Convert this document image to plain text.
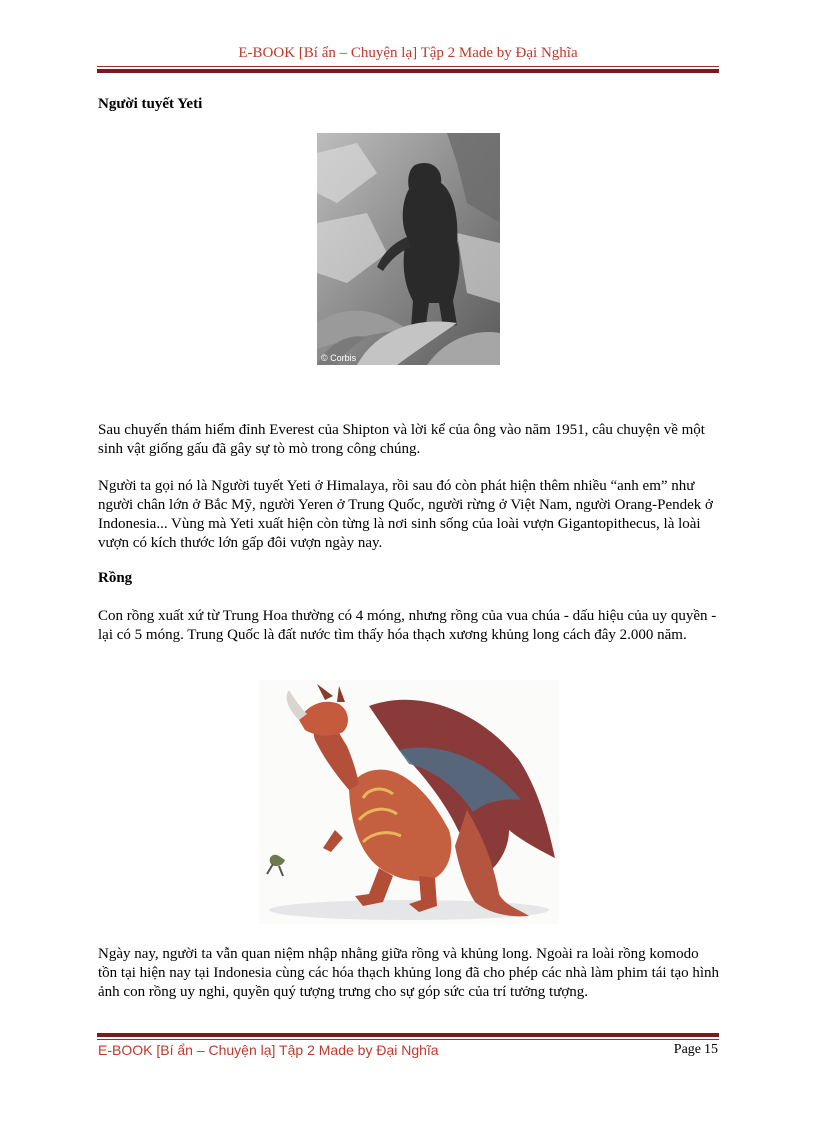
E-BOOK [Bí ẩn – Chuyện lạ] Tập 2 Made by Đại Nghĩa
Người tuyết Yeti
© Corbis
Sau chuyến thám hiểm đỉnh Everest của Shipton và lời kể của ông vào năm 1951, câu chuyện về một sinh vật giống gấu đã gây sự tò mò trong công chúng.
Người ta gọi nó là Người tuyết Yeti ở Himalaya, rồi sau đó còn phát hiện thêm nhiều “anh em” như người chân lớn ở Bắc Mỹ, người Yeren ở Trung Quốc, người rừng ở Việt Nam, người Orang-Pendek ở Indonesia... Vùng mà Yeti xuất hiện còn từng là nơi sinh sống của loài vượn Gigantopithecus, là loài vượn có kích thước lớn gấp đôi vượn ngày nay.
Rồng
Con rồng xuất xứ từ Trung Hoa thường có 4 móng, nhưng rồng của vua chúa - dấu hiệu của uy quyền - lại có 5 móng. Trung Quốc là đất nước tìm thấy hóa thạch xương khủng long cách đây 2.000 năm.
Ngày nay, người ta vẫn quan niệm nhập nhằng giữa rồng và khủng long. Ngoài ra loài rồng komodo tồn tại hiện nay tại Indonesia cùng các hóa thạch khủng long đã cho phép các nhà làm phim tái tạo hình ảnh con rồng uy nghi, quyền quý tượng trưng cho sự góp sức của trí tưởng tượng.
E-BOOK [Bí ẩn – Chuyện lạ] Tập 2 Made by Đại Nghĩa	Page 15
